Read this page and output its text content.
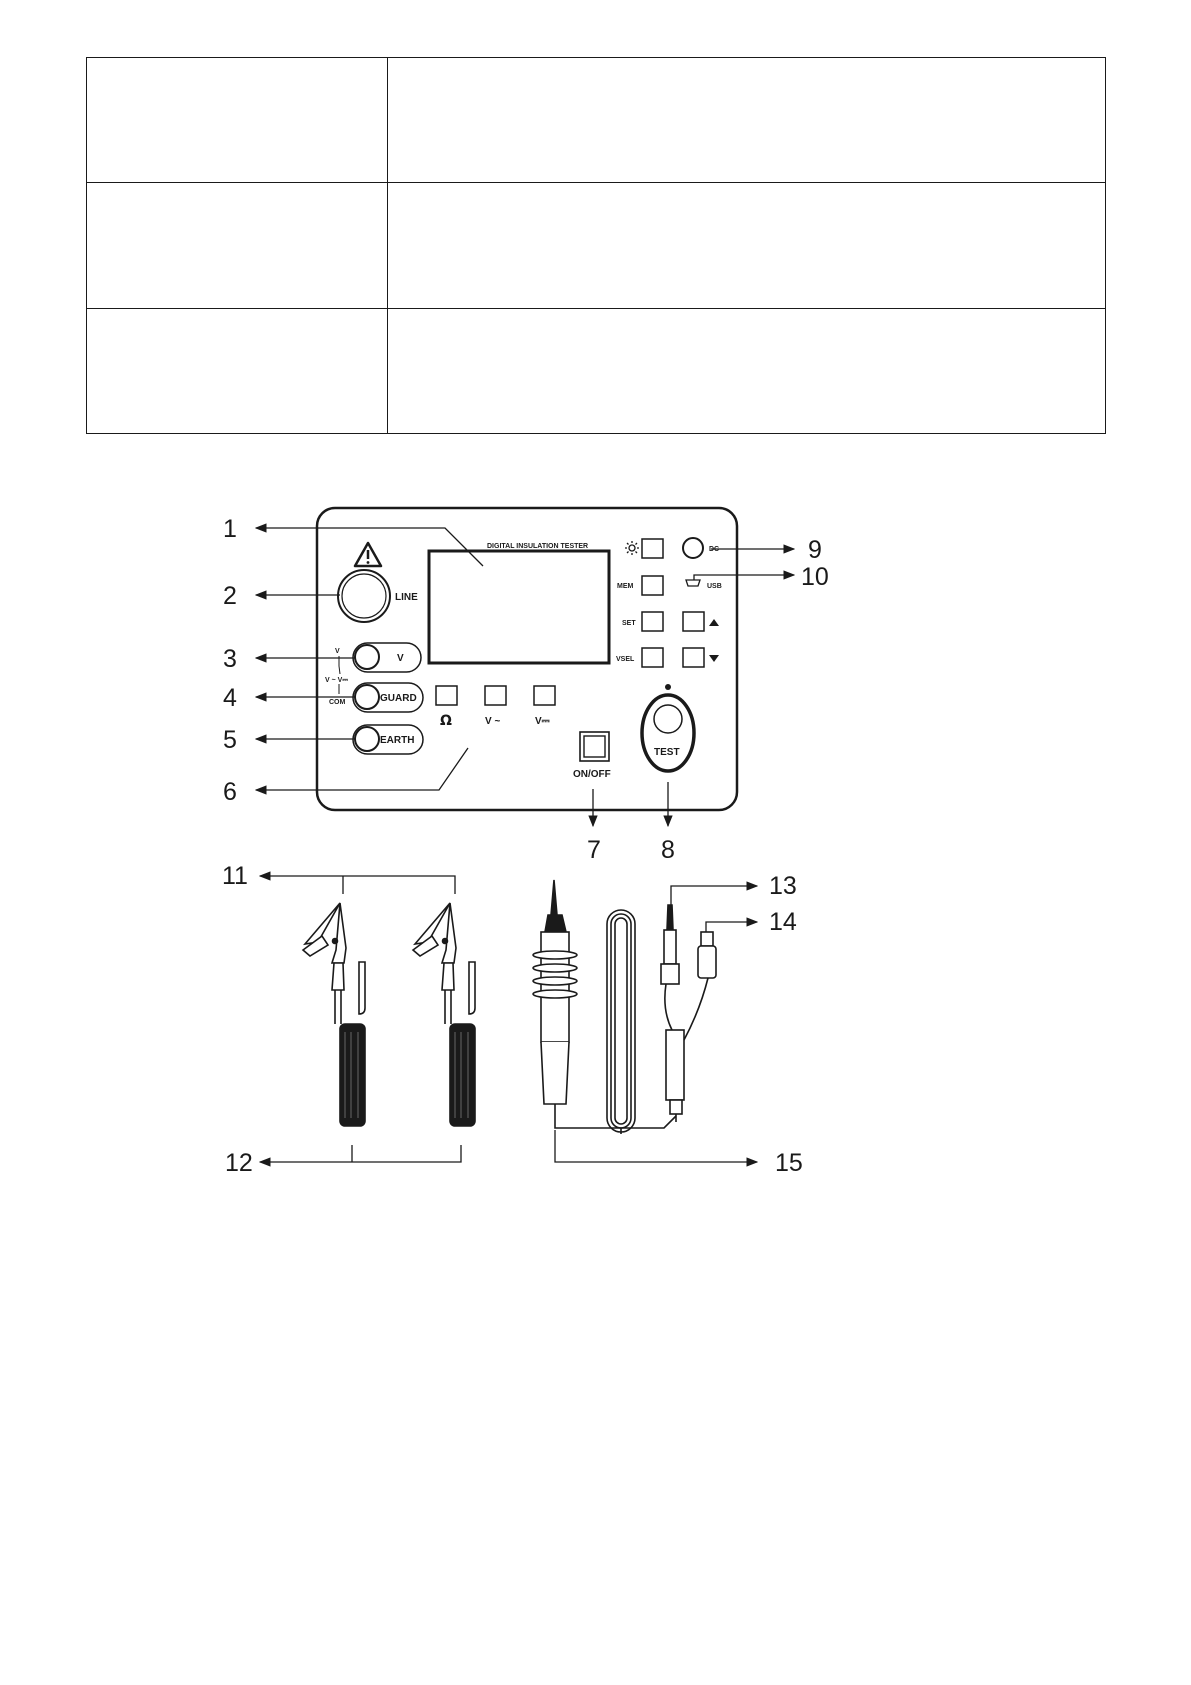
LINE
V
V
V ~ V⎓
COM	GUARD
EARTH
DIGITAL INSULATION TESTER
MEM
SET
VSEL
DC
USB
Ω	V ~	V⎓
ON/OFF
TEST
1
2
3
4
5
6
7 8
9
10
11
12
13
14
15
